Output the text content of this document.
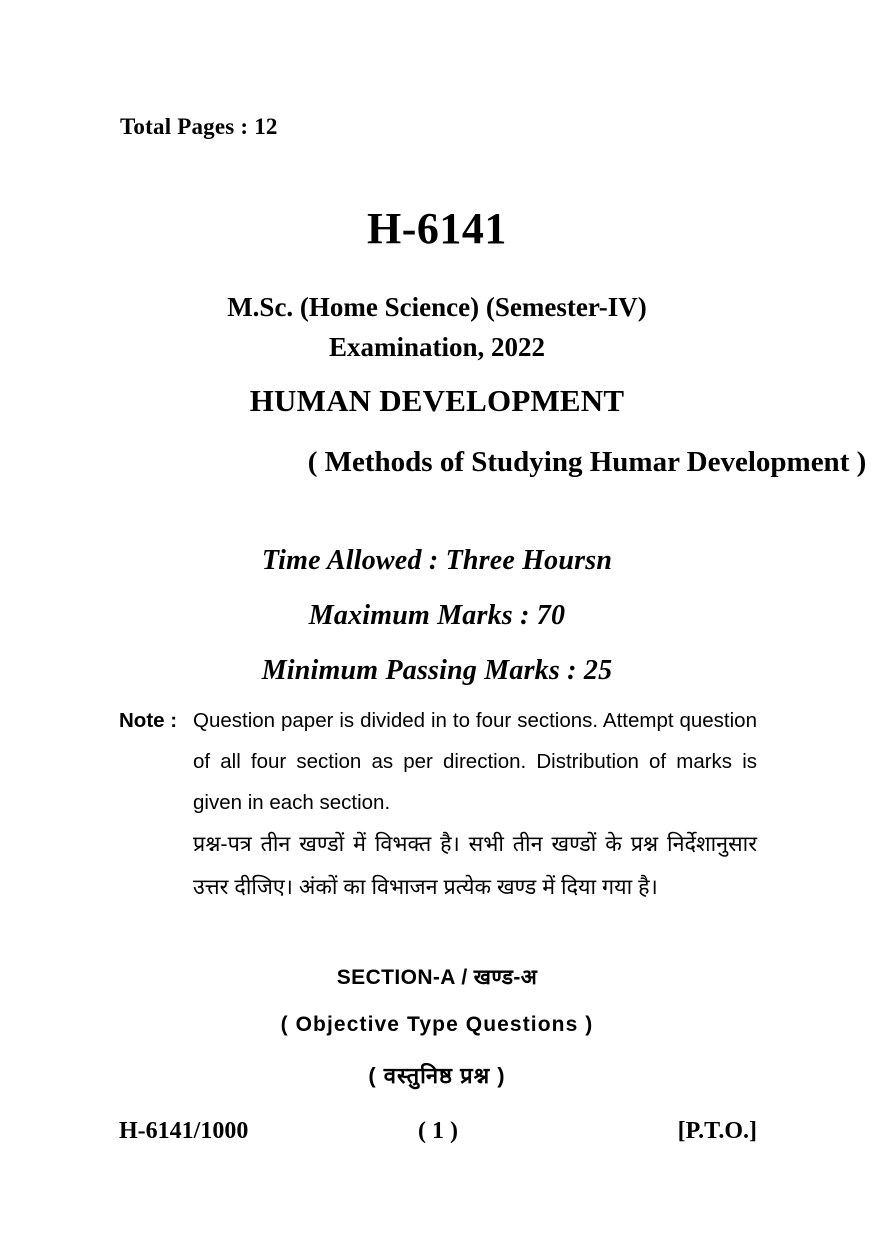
Total Pages : 12
H-6141
M.Sc. (Home Science) (Semester-IV)
Examination, 2022
HUMAN DEVELOPMENT
( Methods of Studying Humar Development )
Time Allowed : Three Hoursn
Maximum Marks : 70
Minimum Passing Marks : 25
Note : Question paper is divided in to four sections. Attempt question of all four section as per direction. Distribution of marks is given in each section.
प्रश्न-पत्र तीन खण्डों में विभक्त है। सभी तीन खण्डों के प्रश्न निर्देशानुसार उत्तर दीजिए। अंकों का विभाजन प्रत्येक खण्ड में दिया गया है।
SECTION-A / खण्ड-अ
( Objective Type Questions )
( वस्तुनिष्ठ प्रश्न )
H-6141/1000	( 1 )	[P.T.O.]
